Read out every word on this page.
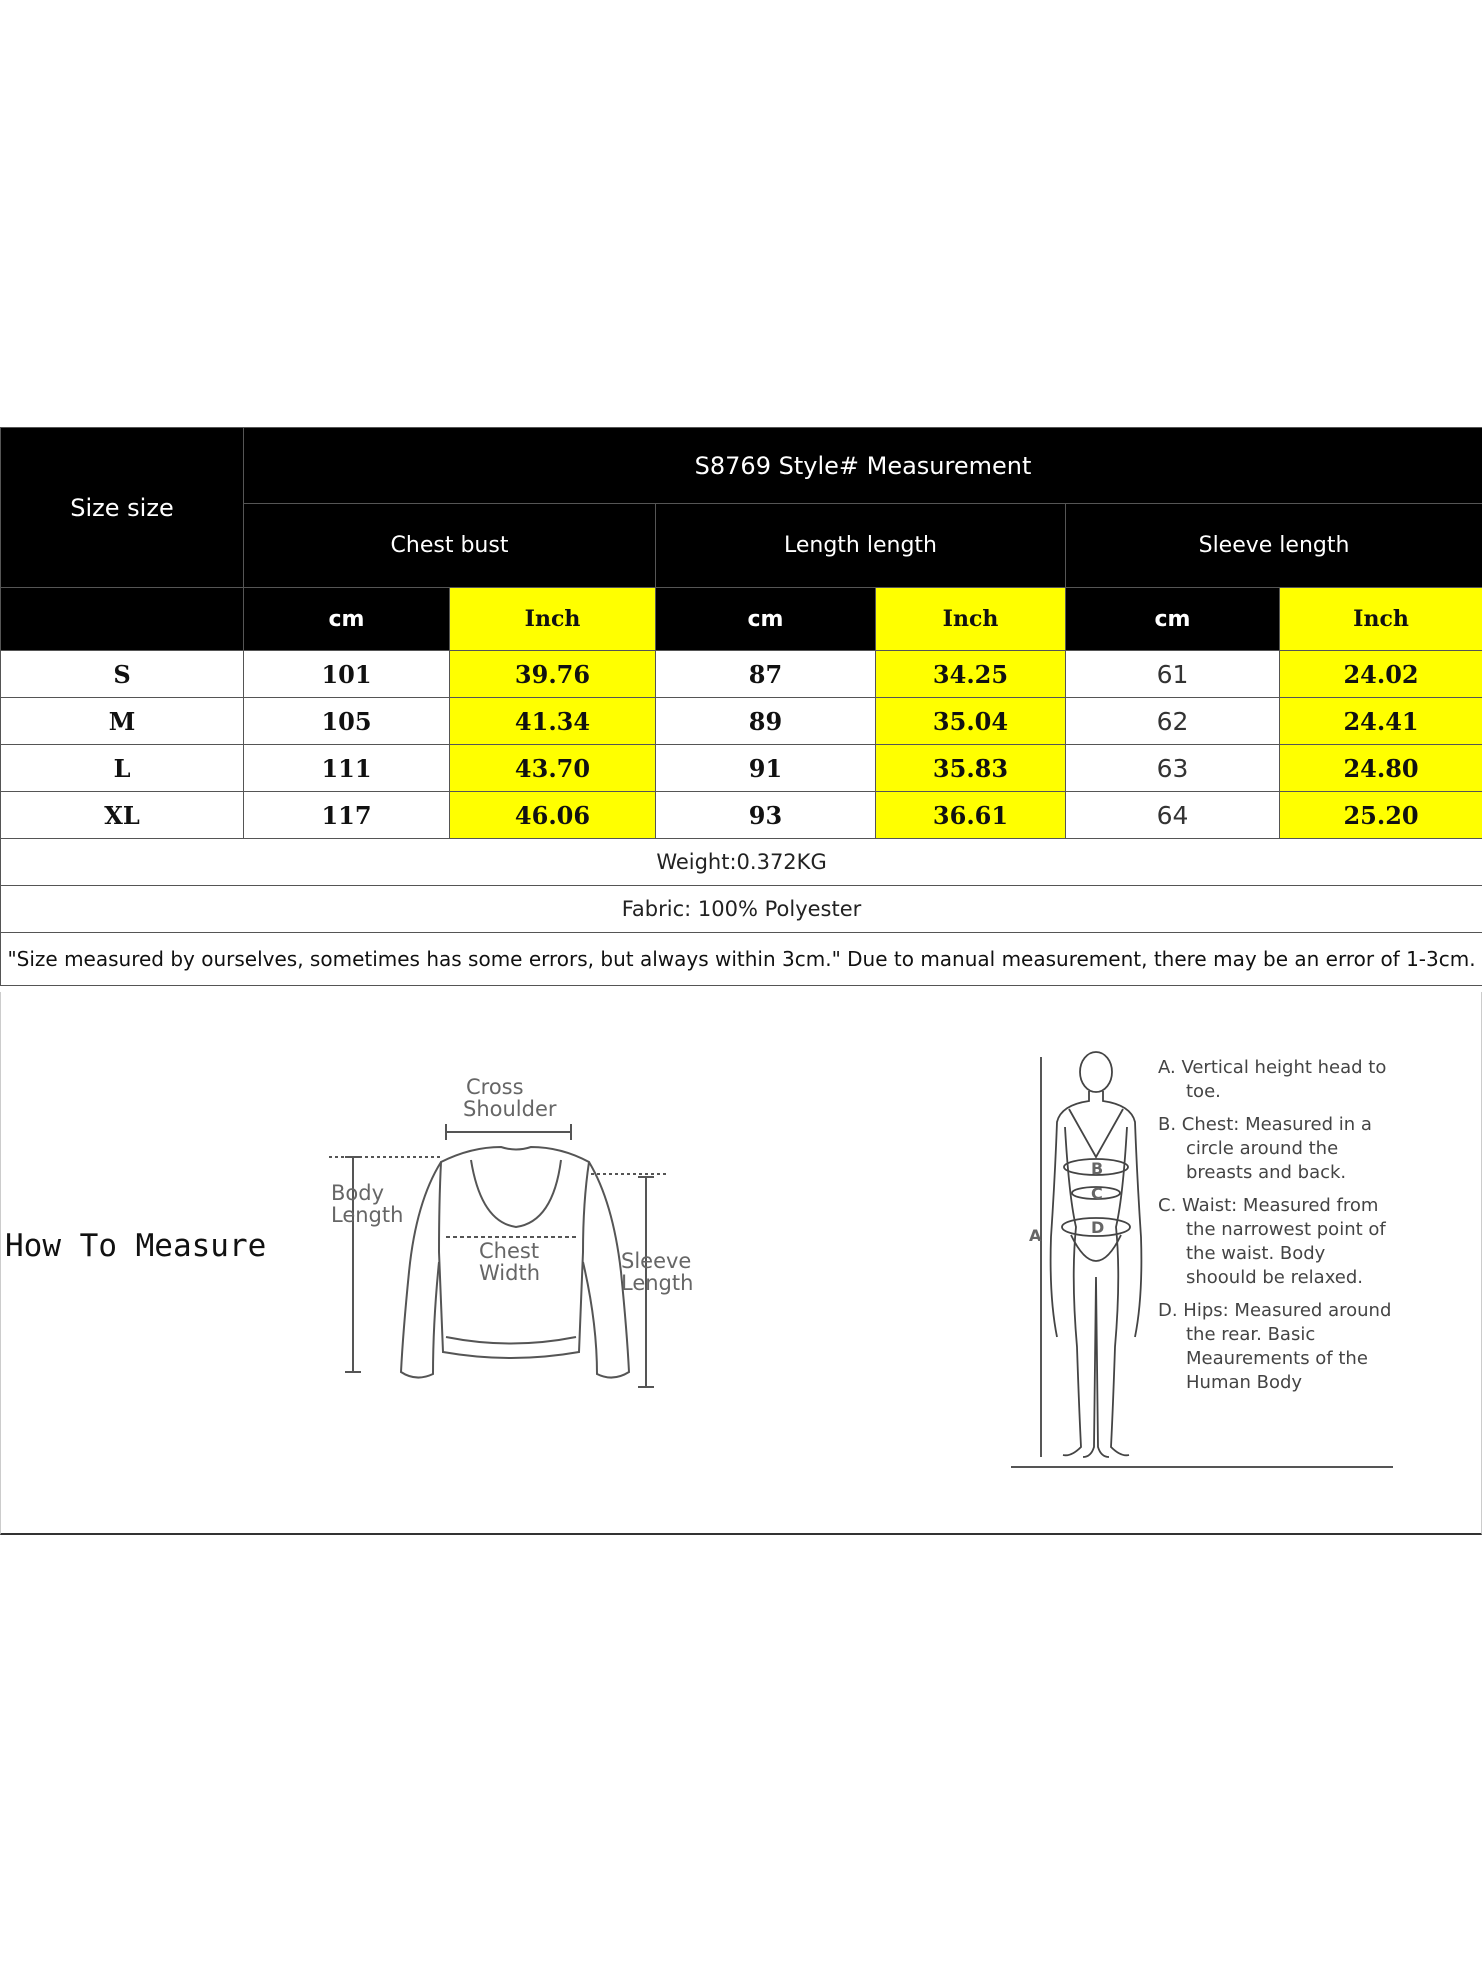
Size size	S8769 Style# Measurement					
	Chest bust		Length length		Sleeve length	
	cm	Inch	cm	Inch	cm	Inch
S	101	39.76	87	34.25	61	24.02
M	105	41.34	89	35.04	62	24.41
L	111	43.70	91	35.83	63	24.80
XL	117	46.06	93	36.61	64	25.20
Weight:0.372KG						
Fabric: 100% Polyester						
"Size measured by ourselves, sometimes has some errors, but always within 3cm." Due to manual measurement, there may be an error of 1-3cm.						
How To Measure
Cross
Shoulder
Body
Length
Chest
Width	Sleeve
Length
B
C
D
A
A. Vertical height head to toe.
B. Chest: Measured in a circle around the breasts and back.
C. Waist: Measured from the narrowest point of the waist. Body shoould be relaxed.
D. Hips: Measured around the rear. Basic Meaurements of the Human Body
